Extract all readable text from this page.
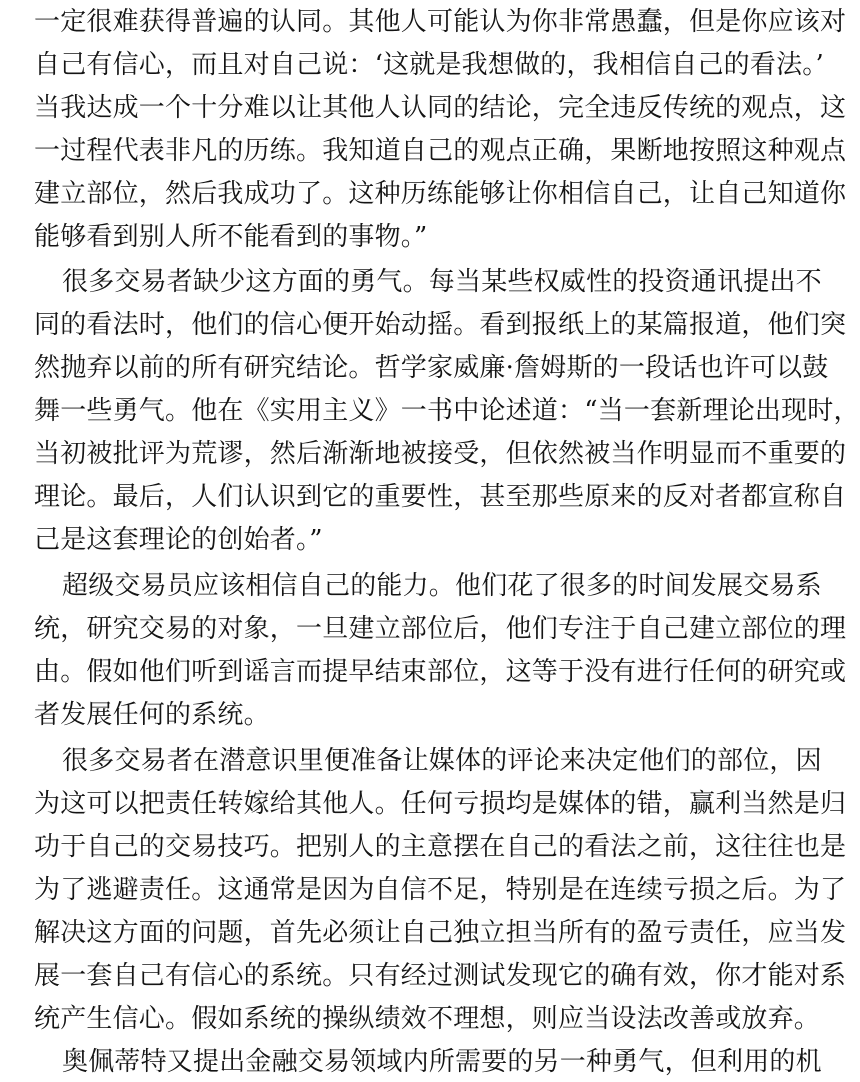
一定很难获得普遍的认同。其他人可能认为你非常愚蠢，但是你应该对
自己有信心，而且对自己说：‘这就是我想做的，我相信自己的看法。’
当我达成一个十分难以让其他人认同的结论，完全违反传统的观点，这
一过程代表非凡的历练。我知道自己的观点正确，果断地按照这种观点
建立部位，然后我成功了。这种历练能够让你相信自己，让自己知道你
能够看到别人所不能看到的事物。”
很多交易者缺少这方面的勇气。每当某些权威性的投资通讯提出不
同的看法时，他们的信心便开始动摇。看到报纸上的某篇报道，他们突
然抛弃以前的所有研究结论。哲学家威廉·詹姆斯的一段话也许可以鼓
舞一些勇气。他在《实用主义》一书中论述道：“当一套新理论出现时，
当初被批评为荒谬，然后渐渐地被接受，但依然被当作明显而不重要的
理论。最后，人们认识到它的重要性，甚至那些原来的反对者都宣称自
己是这套理论的创始者。”
超级交易员应该相信自己的能力。他们花了很多的时间发展交易系
统，研究交易的对象，一旦建立部位后，他们专注于自己建立部位的理
由。假如他们听到谣言而提早结束部位，这等于没有进行任何的研究或
者发展任何的系统。
很多交易者在潜意识里便准备让媒体的评论来决定他们的部位，因
为这可以把责任转嫁给其他人。任何亏损均是媒体的错，赢利当然是归
功于自己的交易技巧。把别人的主意摆在自己的看法之前，这往往也是
为了逃避责任。这通常是因为自信不足，特别是在连续亏损之后。为了
解决这方面的问题，首先必须让自己独立担当所有的盈亏责任，应当发
展一套自己有信心的系统。只有经过测试发现它的确有效，你才能对系
统产生信心。假如系统的操纵绩效不理想，则应当设法改善或放弃。
奥佩蒂特又提出金融交易领域内所需要的另一种勇气，但利用的机
